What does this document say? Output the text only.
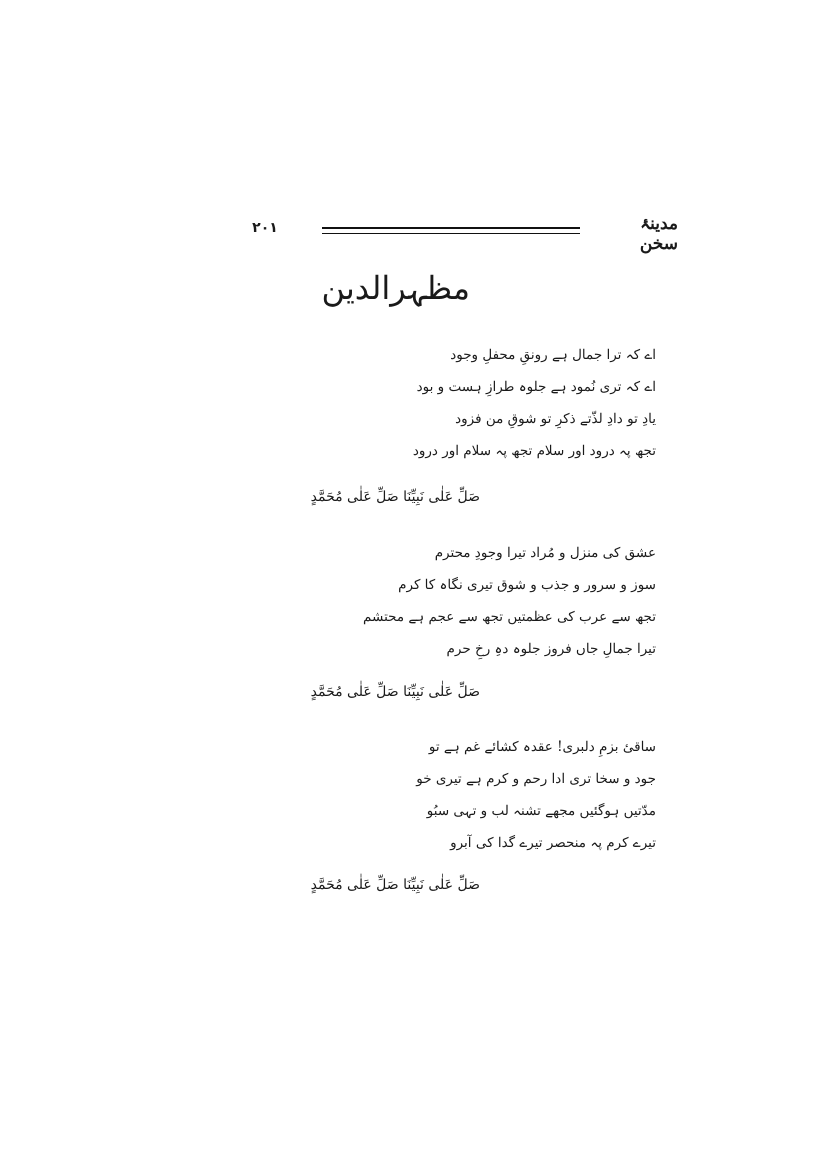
مدینۂ سخن
۲۰۱
مظہرالدین
اے کہ ترا جمال ہے رونقِ محفلِ وجود
اے کہ تری نُمود ہے جلوہ طرازِ ہست و بود
یادِ تو دادِ لذّتے ذکرِ تو شوقِ من فزود
تجھ پہ درود اور سلام تجھ پہ سلام اور درود
صَلِّ عَلٰی نَبِیِّنَا صَلِّ عَلٰی مُحَمَّدٍ
عشق کی منزل و مُراد تیرا وجودِ محترم
سوز و سرور و جذب و شوق تیری نگاہ کا کرم
تجھ سے عرب کی عظمتیں تجھ سے عجم ہے محتشم
تیرا جمالِ جاں فروز جلوہ دہِ رخِ حرم
صَلِّ عَلٰی نَبِیِّنَا صَلِّ عَلٰی مُحَمَّدٍ
ساقیٔ بزمِ دلبری! عقدہ کشائے غم ہے تو
جود و سخا تری ادا رحم و کرم ہے تیری خو
مدّتیں ہوگئیں مجھے تشنہ لب و تہی سبُو
تیرے کرم پہ منحصر تیرے گدا کی آبرو
صَلِّ عَلٰی نَبِیِّنَا صَلِّ عَلٰی مُحَمَّدٍ
